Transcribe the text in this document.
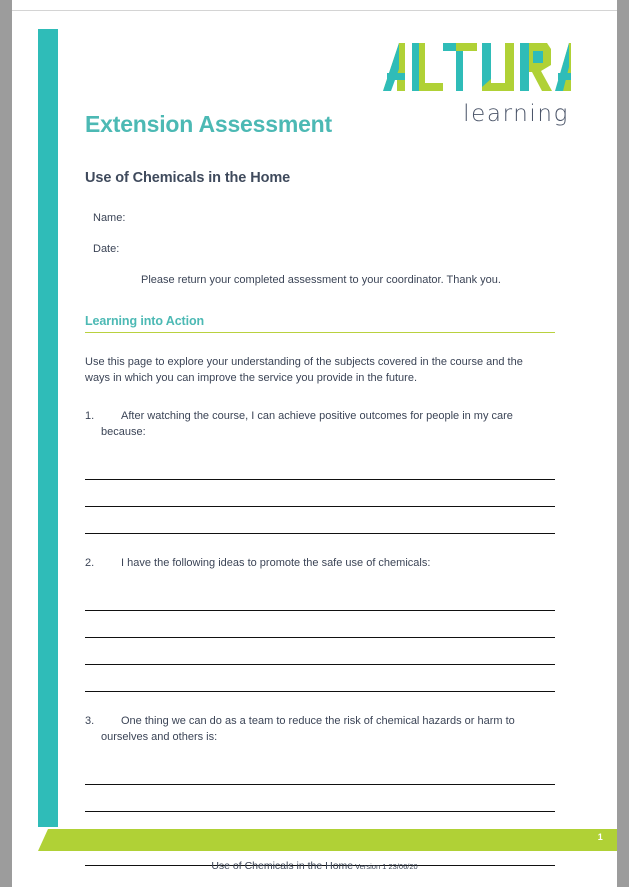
learning
Extension Assessment
Use of Chemicals in the Home
Name:
Date:
Please return your completed assessment to your coordinator. Thank you.
Learning into Action
Use this page to explore your understanding of the subjects covered in the course and the ways in which you can improve the service you provide in the future.
1. After watching the course, I can achieve positive outcomes for people in my care because:
2. I have the following ideas to promote the safe use of chemicals:
3. One thing we can do as a team to reduce the risk of chemical hazards or harm to ourselves and others is:
1
Use of Chemicals in the Home Version 1 23/06/20
